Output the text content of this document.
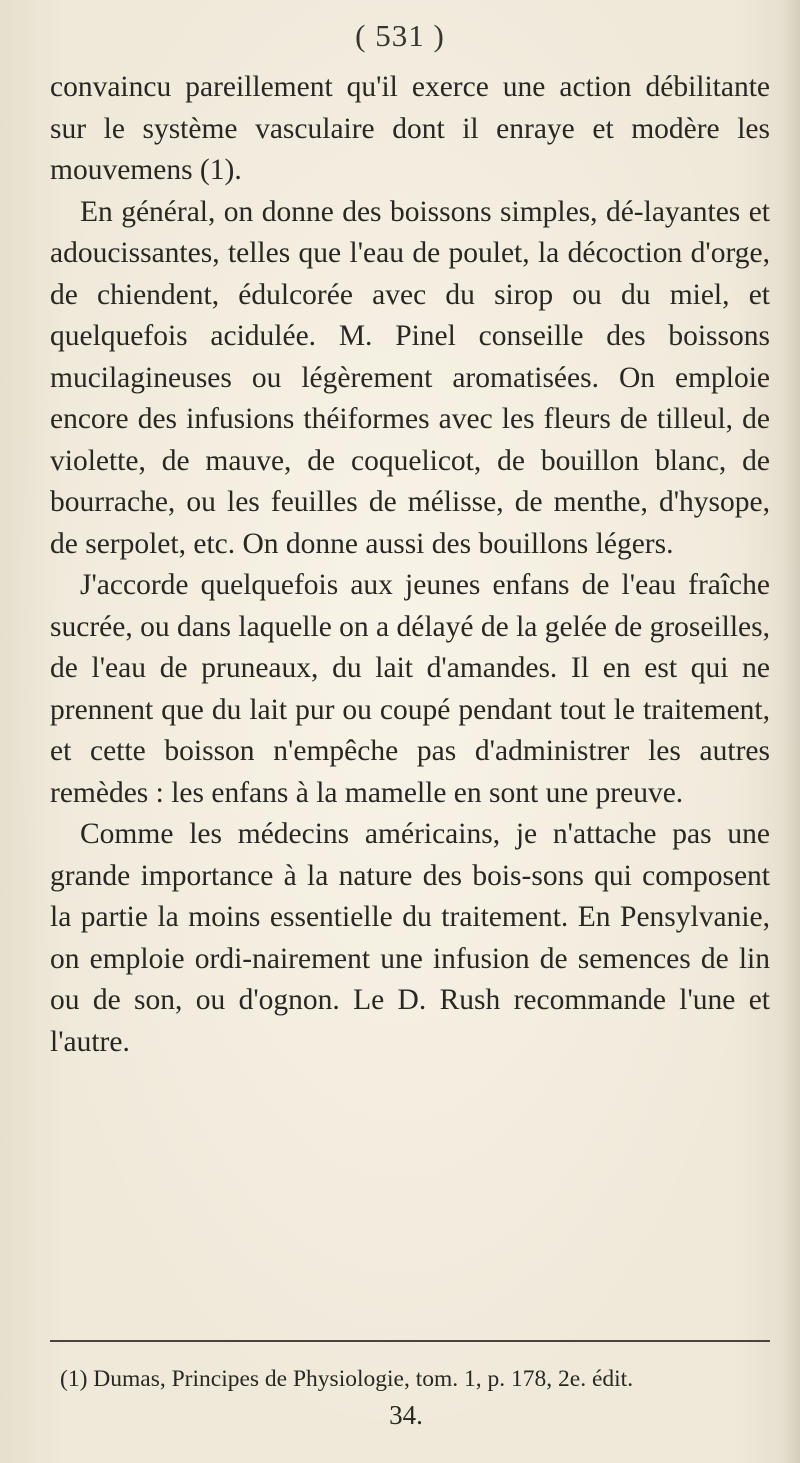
( 531 )

convaincu pareillement qu'il exerce une action débilitante sur le système vasculaire dont il enraye et modère les mouvemens (1).

En général, on donne des boissons simples, dé-layantes et adoucissantes, telles que l'eau de poulet, la décoction d'orge, de chiendent, édulcorée avec du sirop ou du miel, et quelquefois acidulée. M. Pinel conseille des boissons mucilagineuses ou légèrement aromatisées. On emploie encore des infusions théiformes avec les fleurs de tilleul, de violette, de mauve, de coquelicot, de bouillon blanc, de bourrache, ou les feuilles de mélisse, de menthe, d'hysope, de serpolet, etc. On donne aussi des bouillons légers.

J'accorde quelquefois aux jeunes enfans de l'eau fraîche sucrée, ou dans laquelle on a délayé de la gelée de groseilles, de l'eau de pruneaux, du lait d'amandes. Il en est qui ne prennent que du lait pur ou coupé pendant tout le traitement, et cette boisson n'empêche pas d'administrer les autres remèdes : les enfans à la mamelle en sont une preuve.

Comme les médecins américains, je n'attache pas une grande importance à la nature des bois-sons qui composent la partie la moins essentielle du traitement. En Pensylvanie, on emploie ordi-nairement une infusion de semences de lin ou de son, ou d'ognon. Le D. Rush recommande l'une et l'autre.

(1) Dumas, Principes de Physiologie, tom. 1, p. 178, 2e. édit.
34.
